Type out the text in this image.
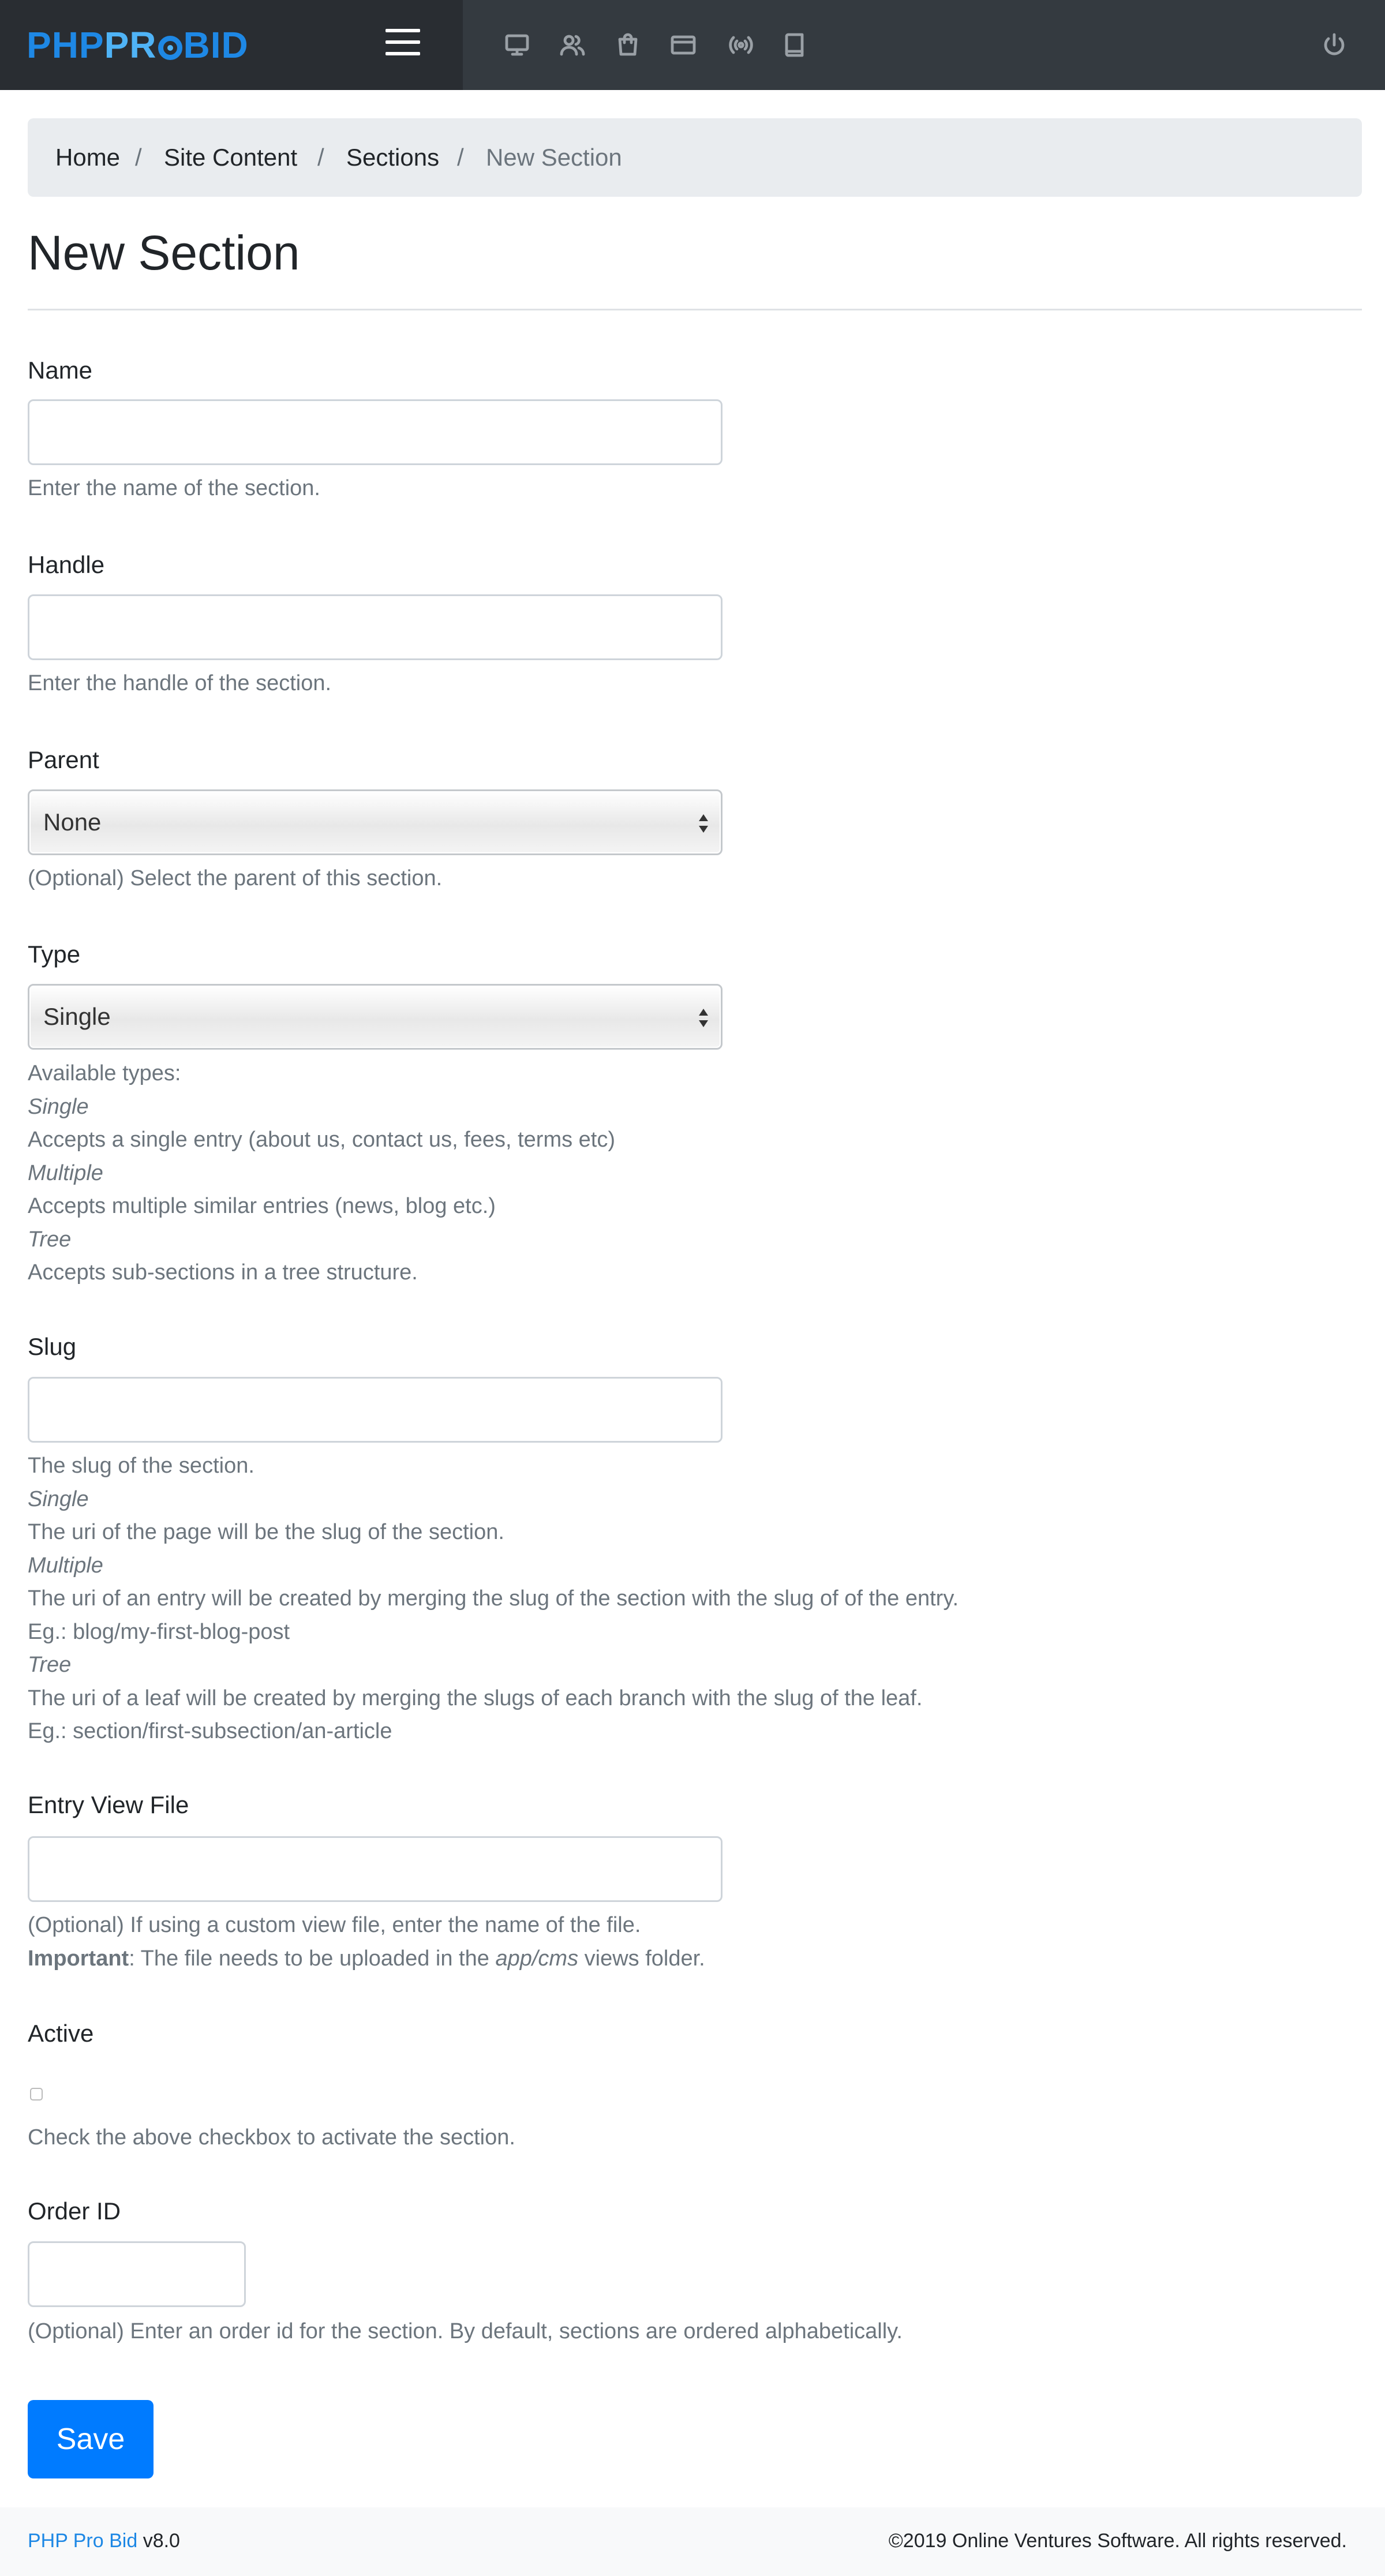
PHPPR BID
Home / Site Content / Sections / New Section
New Section
Name
Enter the name of the section.
Handle
Enter the handle of the section.
Parent
None
(Optional) Select the parent of this section.
Type
Single
Available types:
Single
Accepts a single entry (about us, contact us, fees, terms etc)
Multiple
Accepts multiple similar entries (news, blog etc.)
Tree
Accepts sub-sections in a tree structure.
Slug
The slug of the section.
Single
The uri of the page will be the slug of the section.
Multiple
The uri of an entry will be created by merging the slug of the section with the slug of of the entry.
Eg.: blog/my-first-blog-post
Tree
The uri of a leaf will be created by merging the slugs of each branch with the slug of the leaf.
Eg.: section/first-subsection/an-article
Entry View File
(Optional) If using a custom view file, enter the name of the file.
Important: The file needs to be uploaded in the app/cms views folder.
Active
Check the above checkbox to activate the section.
Order ID
(Optional) Enter an order id for the section. By default, sections are ordered alphabetically.
Save
PHP Pro Bid v8.0	©2019 Online Ventures Software. All rights reserved.
